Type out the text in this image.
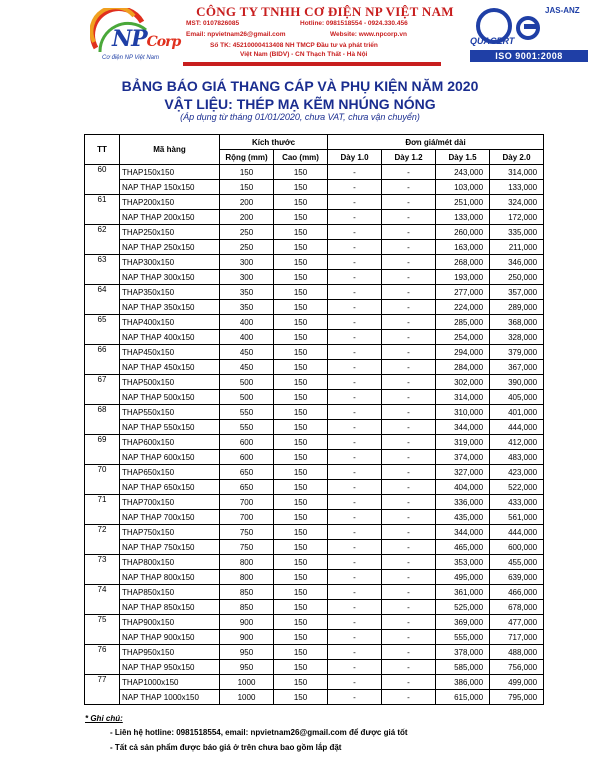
NPCorp
Cơ điện NP Việt Nam
CÔNG TY TNHH CƠ ĐIỆN NP VIỆT NAM
MST: 0107826085	Hotline: 0981518554 - 0924.330.456
Email: npvietnam26@gmail.com	Website: www.npcorp.vn
Số TK: 45210000413408 NH TMCP Đầu tư và phát triển
Việt Nam (BIDV) - CN Thạch Thất - Hà Nội
JAS-ANZ
QUACERT
ISO 9001:2008
BẢNG BÁO GIÁ THANG CÁP VÀ PHỤ KIỆN NĂM 2020
VẬT LIỆU: THÉP MẠ KẼM NHÚNG NÓNG
(Áp dụng từ tháng 01/01/2020, chưa VAT, chưa vận chuyển)
TT	Mã hàng	Kích thước		Đơn giá/mét dài			
		Rộng (mm)	Cao (mm)	Dày 1.0	Dày 1.2	Dày 1.5	Dày 2.0
60	THAP150x150	150	150	-	-	243,000	314,000
	NAP THAP 150x150	150	150	-	-	103,000	133,000
61	THAP200x150	200	150	-	-	251,000	324,000
	NAP THAP 200x150	200	150	-	-	133,000	172,000
62	THAP250x150	250	150	-	-	260,000	335,000
	NAP THAP 250x150	250	150	-	-	163,000	211,000
63	THAP300x150	300	150	-	-	268,000	346,000
	NAP THAP 300x150	300	150	-	-	193,000	250,000
64	THAP350x150	350	150	-	-	277,000	357,000
	NAP THAP 350x150	350	150	-	-	224,000	289,000
65	THAP400x150	400	150	-	-	285,000	368,000
	NAP THAP 400x150	400	150	-	-	254,000	328,000
66	THAP450x150	450	150	-	-	294,000	379,000
	NAP THAP 450x150	450	150	-	-	284,000	367,000
67	THAP500x150	500	150	-	-	302,000	390,000
	NAP THAP 500x150	500	150	-	-	314,000	405,000
68	THAP550x150	550	150	-	-	310,000	401,000
	NAP THAP 550x150	550	150	-	-	344,000	444,000
69	THAP600x150	600	150	-	-	319,000	412,000
	NAP THAP 600x150	600	150	-	-	374,000	483,000
70	THAP650x150	650	150	-	-	327,000	423,000
	NAP THAP 650x150	650	150	-	-	404,000	522,000
71	THAP700x150	700	150	-	-	336,000	433,000
	NAP THAP 700x150	700	150	-	-	435,000	561,000
72	THAP750x150	750	150	-	-	344,000	444,000
	NAP THAP 750x150	750	150	-	-	465,000	600,000
73	THAP800x150	800	150	-	-	353,000	455,000
	NAP THAP 800x150	800	150	-	-	495,000	639,000
74	THAP850x150	850	150	-	-	361,000	466,000
	NAP THAP 850x150	850	150	-	-	525,000	678,000
75	THAP900x150	900	150	-	-	369,000	477,000
	NAP THAP 900x150	900	150	-	-	555,000	717,000
76	THAP950x150	950	150	-	-	378,000	488,000
	NAP THAP 950x150	950	150	-	-	585,000	756,000
77	THAP1000x150	1000	150	-	-	386,000	499,000
	NAP THAP 1000x150	1000	150	-	-	615,000	795,000
* Ghi chú:
- Liên hệ hotline: 0981518554, email: npvietnam26@gmail.com để được giá tốt
- Tất cả sản phẩm được báo giá ở trên chưa bao gồm lắp đặt
